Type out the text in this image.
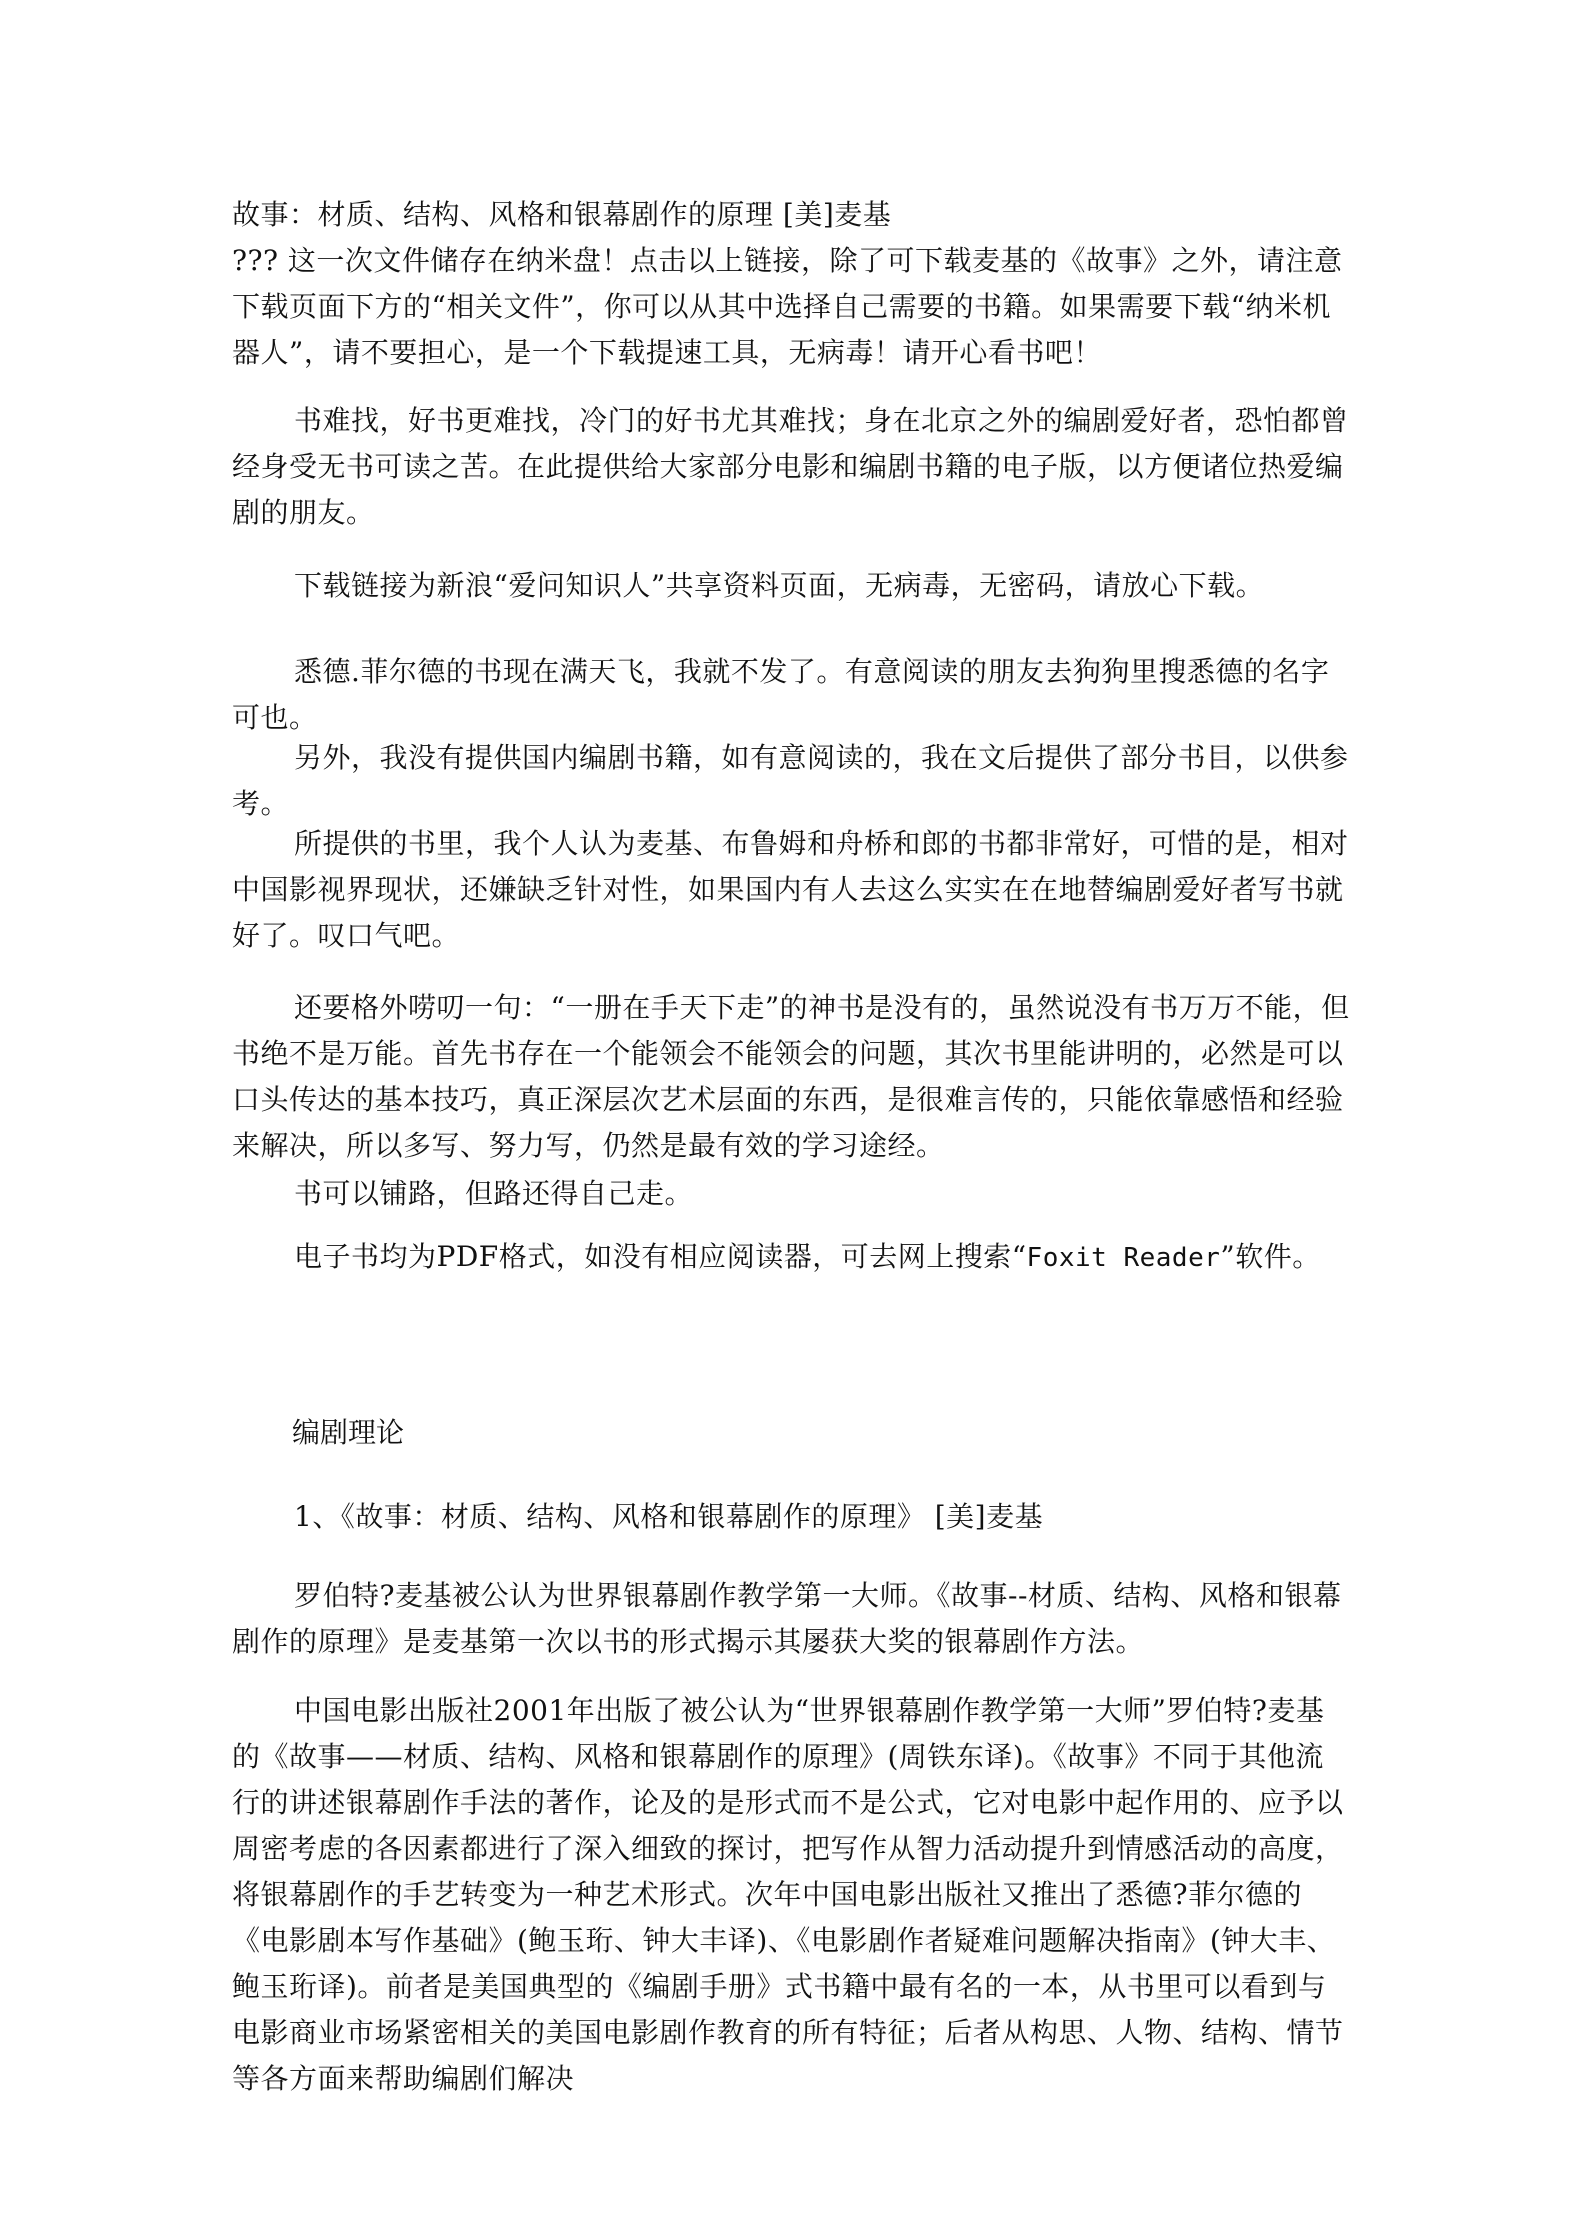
故事：材质、结构、风格和银幕剧作的原理 [美]麦基
??? 这一次文件储存在纳米盘！点击以上链接，除了可下载麦基的《故事》之外，请注意下载页面下方的“相关文件”，你可以从其中选择自己需要的书籍。如果需要下载“纳米机器人”，请不要担心，是一个下载提速工具，无病毒！请开心看书吧！
书难找，好书更难找，冷门的好书尤其难找；身在北京之外的编剧爱好者，恐怕都曾经身受无书可读之苦。在此提供给大家部分电影和编剧书籍的电子版，以方便诸位热爱编剧的朋友。
下载链接为新浪“爱问知识人”共享资料页面，无病毒，无密码，请放心下载。
悉德.菲尔德的书现在满天飞，我就不发了。有意阅读的朋友去狗狗里搜悉德的名字可也。
另外，我没有提供国内编剧书籍，如有意阅读的，我在文后提供了部分书目，以供参考。
所提供的书里，我个人认为麦基、布鲁姆和舟桥和郎的书都非常好，可惜的是，相对中国影视界现状，还嫌缺乏针对性，如果国内有人去这么实实在在地替编剧爱好者写书就好了。叹口气吧。
还要格外唠叨一句：“一册在手天下走”的神书是没有的，虽然说没有书万万不能，但书绝不是万能。首先书存在一个能领会不能领会的问题，其次书里能讲明的，必然是可以口头传达的基本技巧，真正深层次艺术层面的东西，是很难言传的，只能依靠感悟和经验来解决，所以多写、努力写，仍然是最有效的学习途经。
书可以铺路，但路还得自己走。
电子书均为PDF格式，如没有相应阅读器，可去网上搜索“Foxit Reader”软件。
编剧理论
1、《故事：材质、结构、风格和银幕剧作的原理》 [美]麦基
罗伯特?麦基被公认为世界银幕剧作教学第一大师。《故事--材质、结构、风格和银幕剧作的原理》是麦基第一次以书的形式揭示其屡获大奖的银幕剧作方法。
中国电影出版社2001年出版了被公认为“世界银幕剧作教学第一大师”罗伯特?麦基的《故事——材质、结构、风格和银幕剧作的原理》(周铁东译)。《故事》不同于其他流行的讲述银幕剧作手法的著作，论及的是形式而不是公式，它对电影中起作用的、应予以周密考虑的各因素都进行了深入细致的探讨，把写作从智力活动提升到情感活动的高度，将银幕剧作的手艺转变为一种艺术形式。次年中国电影出版社又推出了悉德?菲尔德的《电影剧本写作基础》(鲍玉珩、钟大丰译)、《电影剧作者疑难问题解决指南》(钟大丰、鲍玉珩译)。前者是美国典型的《编剧手册》式书籍中最有名的一本，从书里可以看到与电影商业市场紧密相关的美国电影剧作教育的所有特征；后者从构思、人物、结构、情节等各方面来帮助编剧们解决
